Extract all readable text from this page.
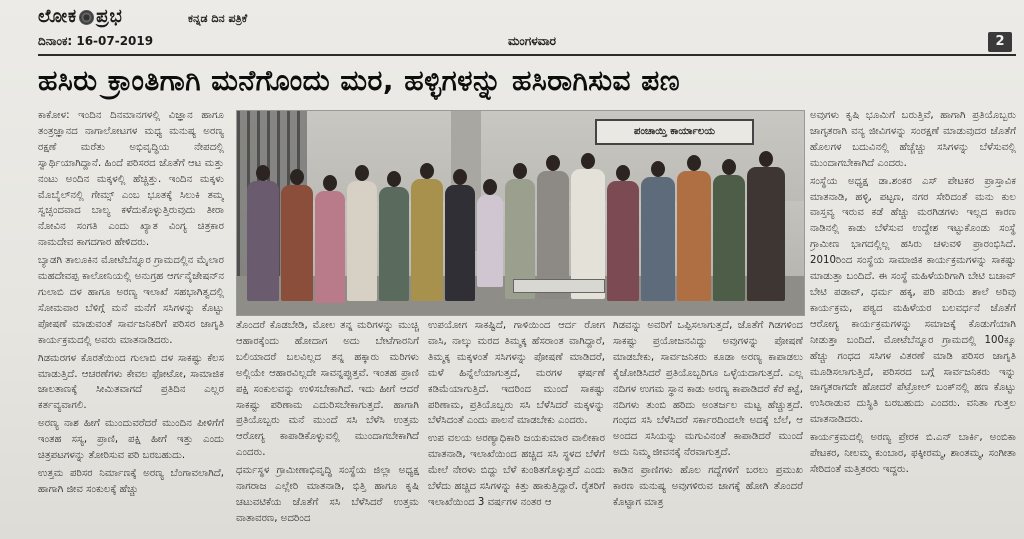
ಲೋಕ ಪ್ರಭ	ಕನ್ನಡ ದಿನ ಪತ್ರಿಕೆ
ದಿನಾಂಕ: 16-07-2019	ಮಂಗಳವಾರ	2
ಹಸಿರು ಕ್ರಾಂತಿಗಾಗಿ ಮನೆಗೊಂದು ಮರ, ಹಳ್ಳಿಗಳನ್ನು ಹಸಿರಾಗಿಸುವ ಪಣ

ಕಾಕೋಳ: ಇಂದಿನ ದಿನಮಾನಗಳಲ್ಲಿ ವಿಜ್ಞಾನ ಹಾಗೂ ತಂತ್ರಜ್ಞಾನದ ನಾಗಾಲೋಟಗಳ ಮಧ್ಯ ಮನುಷ್ಯ ಅರಣ್ಯ ರಕ್ಷಣೆ ಮರೆತು ಅಭಿವೃದ್ಧಿಯ ನೇಪದಲ್ಲಿ ಸ್ವಾರ್ಥಿಯಾಗಿದ್ದಾನೆ. ಹಿಂದೆ ಪರಿಸರದ ಜೊತೆಗೆ ಆಟ ಮತ್ತು ನಂಟು ಅಂದಿನ ಮಕ್ಕಳಲ್ಲಿ ಹೆಚ್ಚಿತ್ತು. ಇಂದಿನ ಮಕ್ಕಳು ಮೊಬೈಲ್‌ನಲ್ಲಿ ಗೇಮ್ಸ್ ಎಂಬ ಭೂತಕ್ಕೆ ಸಿಲುಕಿ ತಮ್ಮ ಸ್ವಚ್ಛಂದವಾದ ಬಾಲ್ಯ ಕಳೆದುಕೊಳ್ಳುತ್ತಿರುವುದು ತೀರಾ ನೋವಿನ ಸಂಗತಿ ಎಂದು ಖ್ಯಾತ ವಿಂಗ್ಯ ಚಿತ್ರಕಾರ ನಾಮದೇವ ಕಾಗದಗಾರ ಹೇಳಿದರು.

ಬ್ಯಾಡಗಿ ತಾಲೂಕಿನ ಮೋಟೆಬೆನ್ನೂರ ಗ್ರಾಮದಲ್ಲಿನ ಮೈಲಾರ ಮಹದೇವಪ್ಪ ಕಾಲೋನಿಯಲ್ಲಿ ಅನುಗ್ರಹ ಆರ್ಗನೈಜೇಷನ್‌ನ ಗುಲಾಬಿ ದಳ ಹಾಗೂ ಅರಣ್ಯ ಇಲಾಖೆ ಸಹಭಾಗಿತ್ವದಲ್ಲಿ ಸೋಮವಾರ ಬೆಳಿಗ್ಗೆ ಮನೆ ಮನೆಗೆ ಸಸಿಗಳನ್ನು ಕೊಟ್ಟು ಪೋಷಣೆ ಮಾಡುವಂತೆ ಸಾರ್ವಜನಿಕರಿಗೆ ಪರಿಸರ ಜಾಗೃತಿ ಕಾರ್ಯಕ್ರಮದಲ್ಲಿ ಅವರು ಮಾತನಾಡಿದರು.

ಗಿಡಮರಗಳ ಕೊರತೆಯಿಂದ ಗುಲಾಬಿ ದಳ ಸಾಕಷ್ಟು ಕೆಲಸ ಮಾಡುತ್ತಿದೆ. ಆಚರಣೆಗಳು ಕೇವಲ ಫೋಟೋ, ಸಾಮಾಜಿಕ ಜಾಲತಾಣಕ್ಕೆ ಸೀಮಿತವಾಗದೆ ಪ್ರತಿದಿನ ಎಲ್ಲರ ಕರ್ತವ್ಯವಾಗಲಿ.

ಅರಣ್ಯ ನಾಶ ಹೀಗೆ ಮುಂದುವರೆದರೆ ಮುಂದಿನ ಪೀಳಿಗೆಗೆ ಇಂತಹ ಸಸ್ಯ, ಪ್ರಾಣಿ, ಪಕ್ಷಿ ಹೀಗೆ ಇತ್ತು ಎಂದು ಚಿತ್ರಪಟಗಳನ್ನು ತೋರಿಸುವ ಪರಿ ಬರಬಹುದು.

ಉತ್ತಮ ಪರಿಸರ ನಿರ್ಮಾಣಕ್ಕೆ ಅರಣ್ಯ ಬೆಂಗಾವಲಾಗಿದೆ, ಹಾಗಾಗಿ ಜೀವ ಸಂಕುಲಕ್ಕೆ ಹೆಚ್ಚು

ಪಂಚಾಯ್ತಿ ಕಾರ್ಯಾಲಯ

ತೊಂದರೆ ಕೊಡಬೇಡಿ, ಮೋಲ ತನ್ನ ಮರಿಗಳನ್ನು ಮುಚ್ಚಿ ಆಹಾರಕ್ಕೆಂದು ಹೋದಾಗ ಅದು ಬೇಟೆಗಾರನಿಗೆ ಬಲಿಯಾದರೆ ಬಲವಿಲ್ಲದ ತನ್ನ ಹಕ್ಕಾರು ಮರಿಗಳು ಅಲ್ಲಿಯೇ ಆಹಾರವಿಲ್ಲದೇ ಸಾವನ್ನಪ್ಪುತ್ತವೆ. ಇಂತಹ ಪ್ರಾಣಿ ಪಕ್ಷಿ ಸಂಕುಲವನ್ನು ಉಳಿಸಬೇಕಾಗಿದೆ. ಇದು ಹೀಗೆ ಆದರೆ ಸಾಕಷ್ಟು ಪರಿಣಾಮ ಎದುರಿಸಬೇಕಾಗುತ್ತದೆ. ಹಾಗಾಗಿ ಪ್ರತಿಯೊಬ್ಬರು ಮನೆ ಮುಂದೆ ಸಸಿ ಬೆಳೆಸಿ ಉತ್ತಮ ಆರೋಗ್ಯ ಕಾಪಾಡಿಕೊಳ್ಳುವಲ್ಲಿ ಮುಂದಾಗಬೇಕಾಗಿದೆ ಎಂದರು.

ಧರ್ಮಸ್ಥಳ ಗ್ರಾಮೀಣಾಭಿವೃದ್ಧಿ ಸಂಸ್ಥೆಯ ಜಿಲ್ಲಾ ಅಧ್ಯಕ್ಷ ನಾಗರಾಜ ಎಲ್ಲೇರಿ ಮಾತನಾಡಿ, ಭಿತ್ತಿ ಹಾಗೂ ಕೃಷಿ ಚಟುವಟಿಕೆಯ ಜೊತೆಗೆ ಸಸಿ ಬೆಳೆಸಿದರೆ ಉತ್ತಮ ವಾತಾವರಣ, ಅದರಿಂದ

ಉಪಯೋಗ ಸಾಕಷ್ಟಿದೆ, ಗಾಳಿಯಿಂದ ಆರ್ದ ರೋಗ ವಾಸಿ, ನಾಲ್ಕು ಮರದ ತಿಮ್ಮಕ್ಕ ಹೆಸರಾಂತ ವಾಗಿದ್ದಾರೆ, ತಿಮ್ಮಕ್ಕ ಮಕ್ಕಳಂತೆ ಸಸಿಗಳನ್ನು ಪೋಷಣೆ ಮಾಡಿದರೆ, ಮಳೆ ಹಿನ್ನೆಲೆಯಾಗುತ್ತದೆ, ಮರಗಳ ಘರ್ಷಣೆ ಕಡಿಮೆಯಾಗುತ್ತಿದೆ. ಇದರಿಂದ ಮುಂದೆ ಸಾಕಷ್ಟು ಪರಿಣಾಮ, ಪ್ರತಿಯೊಬ್ಬರು ಸಸಿ ಬೆಳೆಸಿದರೆ ಮಕ್ಕಳನ್ನು ಬೆಳೆಸಿದಂತೆ ಎಂದು ಪಾಲನೆ ಮಾಡಬೇಕು ಎಂದರು.

ಉಪ ವಲಯ ಅರಣ್ಯಾಧಿಕಾರಿ ಜಯಕುಮಾರ ವಾಲೀಕಾರ ಮಾತನಾಡಿ, ಇಲಾಖೆಯಿಂದ ಹಚ್ಚಿದ ಸಸಿ ಸ್ಥಳದ ಬೆಳೆಗೆ ಮೇಲೆ ನೇರಳು ಬಿದ್ದು ಬೆಳೆ ಕುಂಠಿತಗೊಳ್ಳುತ್ತದೆ ಎಂದು ಬೆಳೆದು ಹಚ್ಚಿದ ಸಸಿಗಳನ್ನು ಕಿತ್ತು ಹಾಕುತ್ತಿದ್ದಾರೆ. ರೈತರಿಗೆ ಇಲಾಖೆಯಿಂದ 3 ವರ್ಷಗಳ ನಂತರ ಆ

ಗಿಡವನ್ನು ಅವರಿಗೆ ಒಪ್ಪಿಸಲಾಗುತ್ತದೆ, ಜೊತೆಗೆ ಗಿಡಗಳಿಂದ ಸಾಕಷ್ಟು ಪ್ರಯೋಜನವಿದ್ದು ಅವುಗಳನ್ನು ಪೋಷಣೆ ಮಾಡಬೇಕು, ಸಾರ್ವಜನಿಕರು ಕೂಡಾ ಅರಣ್ಯ ಕಾಪಾಡಲು ಕೈಜೋಡಿಸಿದರೆ ಪ್ರತಿಯೊಬ್ಬರಿಗೂ ಒಳ್ಳೆಯದಾಗುತ್ತದೆ. ಎಲ್ಲ ನದಿಗಳ ಉಗಮ ಸ್ಥಾನ ಕಾಡು ಅರಣ್ಯ ಕಾಪಾಡಿದರೆ ಕೆರೆ ಕಟ್ಟೆ, ನದಿಗಳು ತುಂಬಿ ಹರಿದು ಅಂತರ್ಜಲ ಮಟ್ಟ ಹೆಚ್ಚುತ್ತದೆ. ಗಂಧದ ಸಸಿ ಬೆಳೆಸಿದರೆ ಸರ್ಕಾರದಿಂದಲೇ ಅದಕ್ಕೆ ಬೆಲೆ, ಆ ಅಂದದ ಸಸಿಯನ್ನು ಮಗುವಿನಂತೆ ಕಾಪಾಡಿದರೆ ಮುಂದೆ ಅದು ನಿಮ್ಮ ಜೀವನಕ್ಕೆ ನೆರವಾಗುತ್ತದೆ.

ಕಾಡಿನ ಪ್ರಾಣಿಗಳು ಹೊಲ ಗದ್ದೆಗಳಿಗೆ ಬರಲು ಪ್ರಮುಖ ಕಾರಣ ಮನುಷ್ಯ ಅವುಗಳಿರುವ ಜಾಗಕ್ಕೆ ಹೋಗಿ ತೊಂದರೆ ಕೊಟ್ಟಾಗ ಮಾತ್ರ

ಅವುಗಳು ಕೃಷಿ ಭೂಮಿಗೆ ಬರುತ್ತಿವೆ, ಹಾಗಾಗಿ ಪ್ರತಿಯೊಬ್ಬರು ಜಾಗೃತರಾಗಿ ವನ್ಯ ಜೀವಿಗಳನ್ನು ಸಂರಕ್ಷಣೆ ಮಾಡುವುದರ ಜೊತೆಗೆ ಹೊಲಗಳ ಬದುವಿನಲ್ಲಿ ಹೆಚ್ಚೆಚ್ಚು ಸಸಿಗಳನ್ನು ಬೆಳೆಸುವಲ್ಲಿ ಮುಂದಾಗಬೇಕಾಗಿದೆ ಎಂದರು.

ಸಂಸ್ಥೆಯ ಅಧ್ಯಕ್ಷ ಡಾ.ಶಂಕರ ಎಸ್ ಪೇಟಕರ ಪ್ರಾಸ್ತಾವಿಕ ಮಾತನಾಡಿ, ಹಳ್ಳಿ, ಪಟ್ಟಣ, ನಗರ ಸೇರಿದಂತೆ ಮನು ಕುಲ ವಾಸ್ತವ್ಯ ಇರುವ ಕಡೆ ಹೆಚ್ಚು ಮರಗಿಡಗಳು ಇಲ್ಲದ ಕಾರಣ ನಾಡಿನಲ್ಲಿ ಕಾಡು ಬೆಳೆಸುವ ಉದ್ದೇಶ ಇಟ್ಟುಕೊಂಡು ಸಂಸ್ಥೆ ಗ್ರಾಮೀಣ ಭಾಗದಲ್ಲಿಲ್ಲ ಹಸಿರು ಚಳುವಳಿ ಪ್ರಾರಂಭಿಸಿದೆ. 2010ರಿಂದ ಸಂಸ್ಥೆಯ ಸಾಮಾಜಿಕ ಕಾರ್ಯಕ್ರಮಗಳನ್ನು ಸಾಕಷ್ಟು ಮಾಡುತ್ತಾ ಬಂದಿದೆ. ಈ ಸಂಸ್ಥೆ ಮಹಿಳೆಯರಿಗಾಗಿ ಬೇಟಿ ಬಚಾವ್ ಬೇಟಿ ಪಡಾವ್, ಧರ್ಮ ಹಕ್ಕ, ಪರಿ ಪರಿಯ ಶಾಲೆ ಅರಿವು ಕಾರ್ಯಕ್ರಮ, ಪಠ್ಯದ ಮಹಿಳೆಯರ ಬಲವರ್ಧನೆ ಜೊತೆಗೆ ಆರೋಗ್ಯ ಕಾರ್ಯಕ್ರಮಗಳನ್ನು ಸಮಾಜಕ್ಕೆ ಕೊಡುಗೆಯಾಗಿ ನೀಡುತ್ತಾ ಬಂದಿದೆ. ಮೋಟೆಬೆನ್ನೂರ ಗ್ರಾಮದಲ್ಲಿ 100ಕ್ಕೂ ಹೆಚ್ಚು ಗಂಧದ ಸಸಿಗಳ ವಿತರಣೆ ಮಾಡಿ ಪರಿಸರ ಜಾಗೃತಿ ಮೂಡಿಸಲಾಗುತ್ತಿದೆ, ಪರಿಸರದ ಬಗ್ಗೆ ಸಾರ್ವಜನಿಕರು ಇನ್ನು ಜಾಗೃತರಾಗದೇ ಹೋದರೆ ಪೆಟ್ರೋಲ್ ಬಂಕ್‌ನಲ್ಲಿ ಹಣ ಕೊಟ್ಟು ಉಸಿರಾಡುವ ದುಸ್ಥಿತಿ ಬರಬಹುದು ಎಂದರು. ವನಿತಾ ಗುತ್ತಲ ಮಾತನಾಡಿದರು.

ಕಾರ್ಯಕ್ರಮದಲ್ಲಿ ಅರಣ್ಯ ಪ್ರೇರಕ ಬಿ.ಎನ್ ಬಾರ್ಕಿ, ಅಂಬಿಕಾ ಪೇಟಕರ, ನೀಲಮ್ಮ ಕುಂಬಾರ, ಫಕ್ಕೀರಮ್ಮ, ಶಾಂತಮ್ಮ, ಸಂಗೀತಾ ಸೇರಿದಂತೆ ಮತ್ತಿತರರು ಇದ್ದರು.
